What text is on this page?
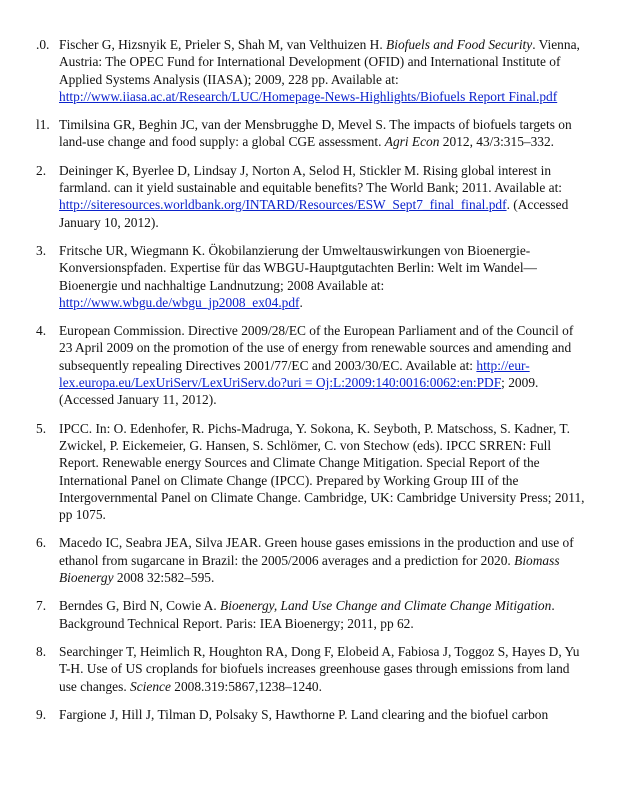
.0. Fischer G, Hizsnyik E, Prieler S, Shah M, van Velthuizen H. Biofuels and Food Security. Vienna, Austria: The OPEC Fund for International Development (OFID) and International Institute of Applied Systems Analysis (IIASA); 2009, 228 pp. Available at: http://www.iiasa.ac.at/Research/LUC/Homepage-News-Highlights/Biofuels Report Final.pdf
l1. Timilsina GR, Beghin JC, van der Mensbrugghe D, Mevel S. The impacts of biofuels targets on land-use change and food supply: a global CGE assessment. Agri Econ 2012, 43/3:315–332.
2. Deininger K, Byerlee D, Lindsay J, Norton A, Selod H, Stickler M. Rising global interest in farmland. can it yield sustainable and equitable benefits? The World Bank; 2011. Available at: http://siteresources.worldbank.org/INTARD/Resources/ESW_Sept7_final_final.pdf. (Accessed January 10, 2012).
3. Fritsche UR, Wiegmann K. Ökobilanzierung der Umweltauswirkungen von Bioenergie-Konversionspfaden. Expertise für das WBGU-Hauptgutachten Berlin: Welt im Wandel—Bioenergie und nachhaltige Landnutzung; 2008 Available at: http://www.wbgu.de/wbgu_jp2008_ex04.pdf.
4. European Commission. Directive 2009/28/EC of the European Parliament and of the Council of 23 April 2009 on the promotion of the use of energy from renewable sources and amending and subsequently repealing Directives 2001/77/EC and 2003/30/EC. Available at: http://eur-lex.europa.eu/LexUriServ/LexUriServ.do?uri = Oj:L:2009:140:0016:0062:en:PDF; 2009. (Accessed January 11, 2012).
5. IPCC. In: O. Edenhofer, R. Pichs-Madruga, Y. Sokona, K. Seyboth, P. Matschoss, S. Kadner, T. Zwickel, P. Eickemeier, G. Hansen, S. Schlömer, C. von Stechow (eds). IPCC SRREN: Full Report. Renewable energy Sources and Climate Change Mitigation. Special Report of the International Panel on Climate Change (IPCC). Prepared by Working Group III of the Intergovernmental Panel on Climate Change. Cambridge, UK: Cambridge University Press; 2011, pp 1075.
6. Macedo IC, Seabra JEA, Silva JEAR. Green house gases emissions in the production and use of ethanol from sugarcane in Brazil: the 2005/2006 averages and a prediction for 2020. Biomass Bioenergy 2008 32:582–595.
7. Berndes G, Bird N, Cowie A. Bioenergy, Land Use Change and Climate Change Mitigation. Background Technical Report. Paris: IEA Bioenergy; 2011, pp 62.
8. Searchinger T, Heimlich R, Houghton RA, Dong F, Elobeid A, Fabiosa J, Toggoz S, Hayes D, Yu T-H. Use of US croplands for biofuels increases greenhouse gases through emissions from land use changes. Science 2008.319:5867,1238–1240.
9. Fargione J, Hill J, Tilman D, Polsaky S, Hawthorne P. Land clearing and the biofuel carbon
